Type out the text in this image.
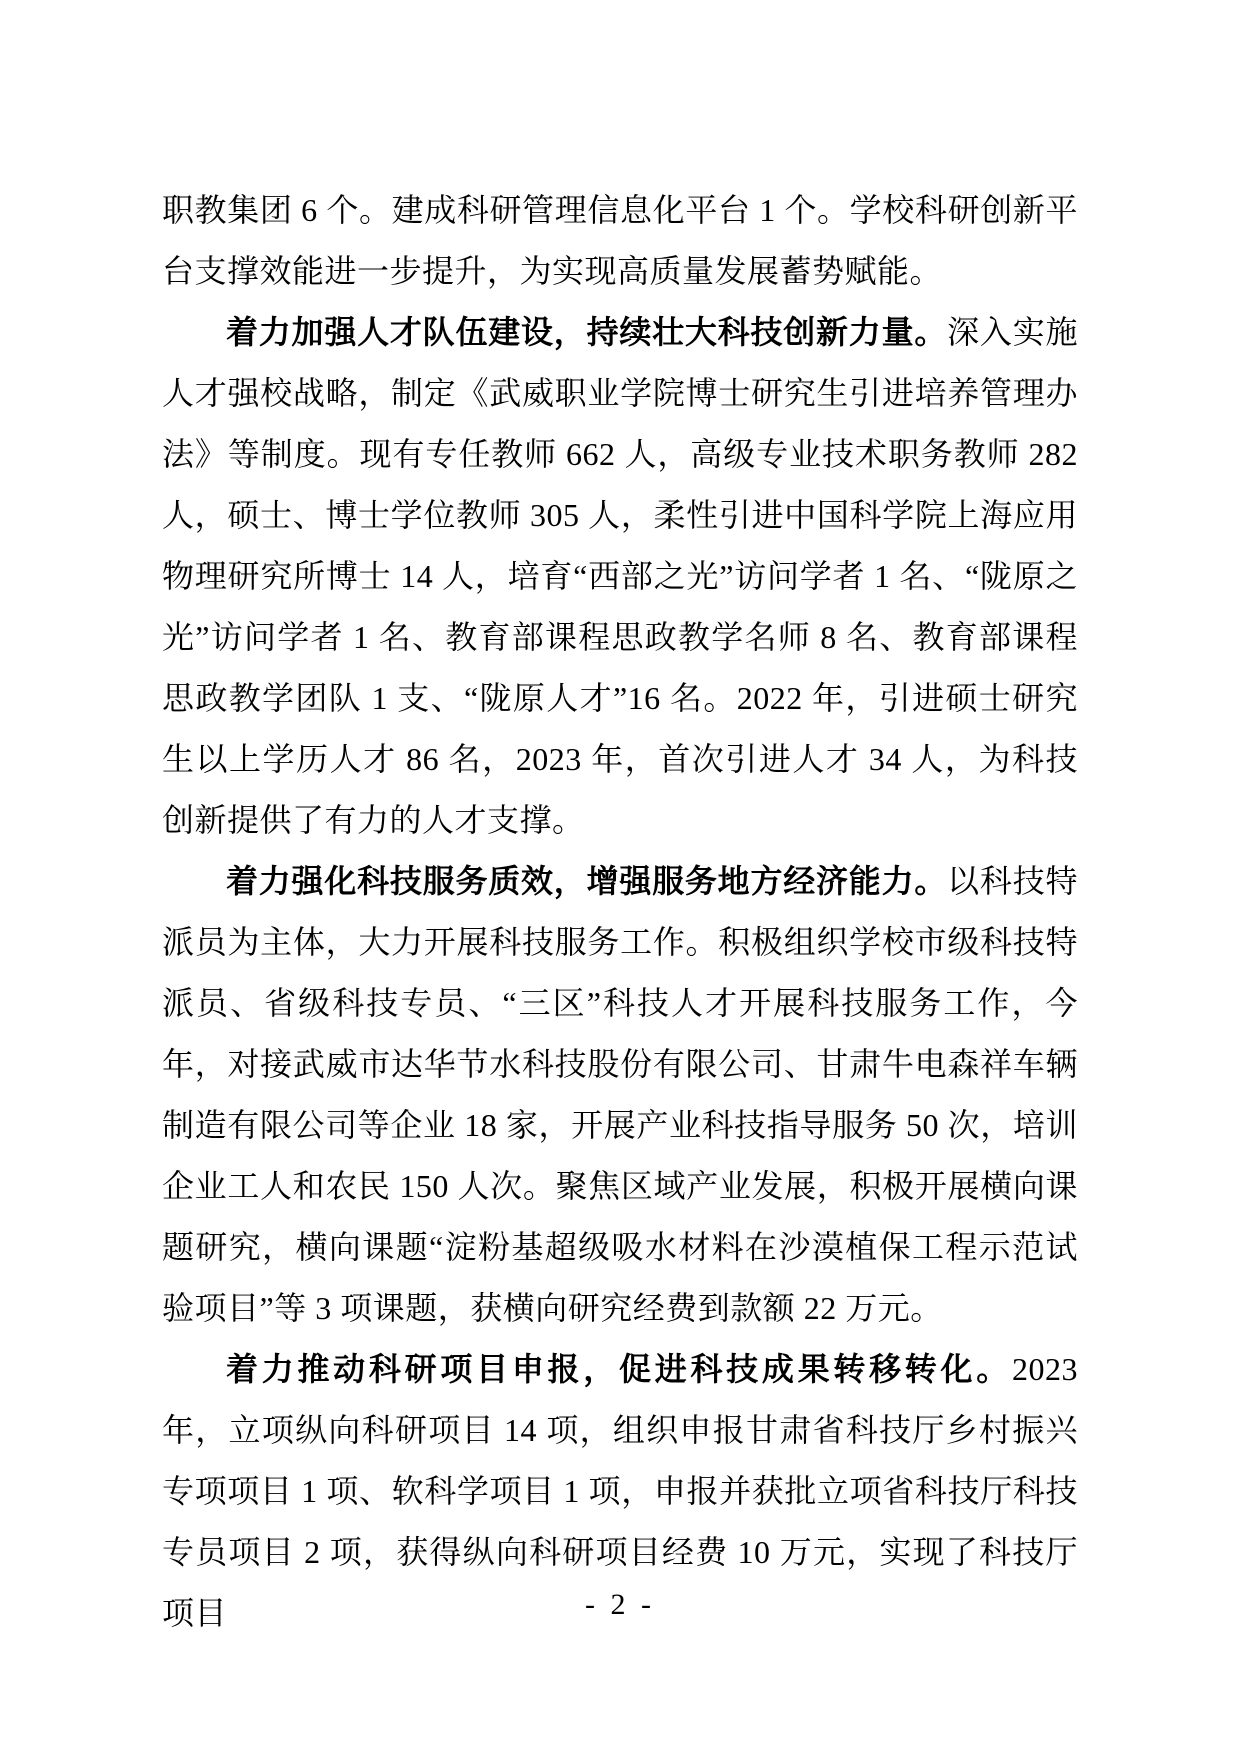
职教集团 6 个。建成科研管理信息化平台 1 个。学校科研创新平台支撑效能进一步提升，为实现高质量发展蓄势赋能。

着力加强人才队伍建设，持续壮大科技创新力量。深入实施人才强校战略，制定《武威职业学院博士研究生引进培养管理办法》等制度。现有专任教师 662 人，高级专业技术职务教师 282 人，硕士、博士学位教师 305 人，柔性引进中国科学院上海应用物理研究所博士 14 人，培育“西部之光”访问学者 1 名、“陇原之光”访问学者 1 名、教育部课程思政教学名师 8 名、教育部课程思政教学团队 1 支、“陇原人才”16 名。2022 年，引进硕士研究生以上学历人才 86 名，2023 年，首次引进人才 34 人，为科技创新提供了有力的人才支撑。

着力强化科技服务质效，增强服务地方经济能力。以科技特派员为主体，大力开展科技服务工作。积极组织学校市级科技特派员、省级科技专员、“三区”科技人才开展科技服务工作，今年，对接武威市达华节水科技股份有限公司、甘肃牛电森祥车辆制造有限公司等企业 18 家，开展产业科技指导服务 50 次，培训企业工人和农民 150 人次。聚焦区域产业发展，积极开展横向课题研究，横向课题“淀粉基超级吸水材料在沙漠植保工程示范试验项目”等 3 项课题，获横向研究经费到款额 22 万元。

着力推动科研项目申报，促进科技成果转移转化。2023 年，立项纵向科研项目 14 项，组织申报甘肃省科技厅乡村振兴专项项目 1 项、软科学项目 1 项，申报并获批立项省科技厅科技专员项目 2 项，获得纵向科研项目经费 10 万元，实现了科技厅项目	- 2 -
